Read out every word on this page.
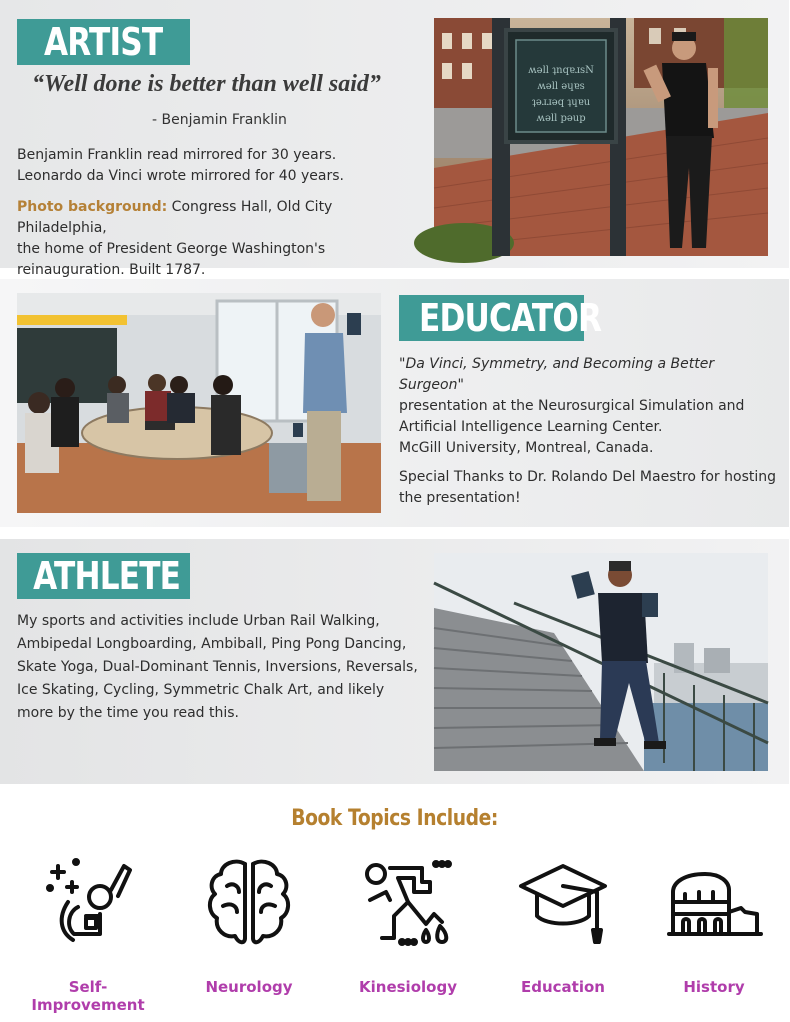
ARTIST
“Well done is better than well said”
- Benjamin Franklin
Benjamin Franklin read mirrored for 30 years.
Leonardo da Vinci wrote mirrored for 40 years.
Photo background: Congress Hall, Old City Philadelphia,
the home of President George Washington's
reinauguration. Built 1787.
ʍǝll ʇnqɐɹsN
ʍǝll ǝɥɐs
ʇǝɹɹǝq ʇɥɐu
ʍǝll pǝup
EDUCATOR
"Da Vinci, Symmetry, and Becoming a Better Surgeon"
presentation at the Neurosurgical Simulation and
Artificial Intelligence Learning Center.
McGill University, Montreal, Canada.
Special Thanks to Dr. Rolando Del Maestro for hosting
the presentation!
ATHLETE
My sports and activities include Urban Rail Walking,
Ambipedal Longboarding, Ambiball, Ping Pong Dancing,
Skate Yoga, Dual-Dominant Tennis, Inversions, Reversals,
Ice Skating, Cycling, Symmetric Chalk Art, and likely
more by the time you read this.
Book Topics Include:
Self-Improvement
Neurology	Kinesiology	Education	History
